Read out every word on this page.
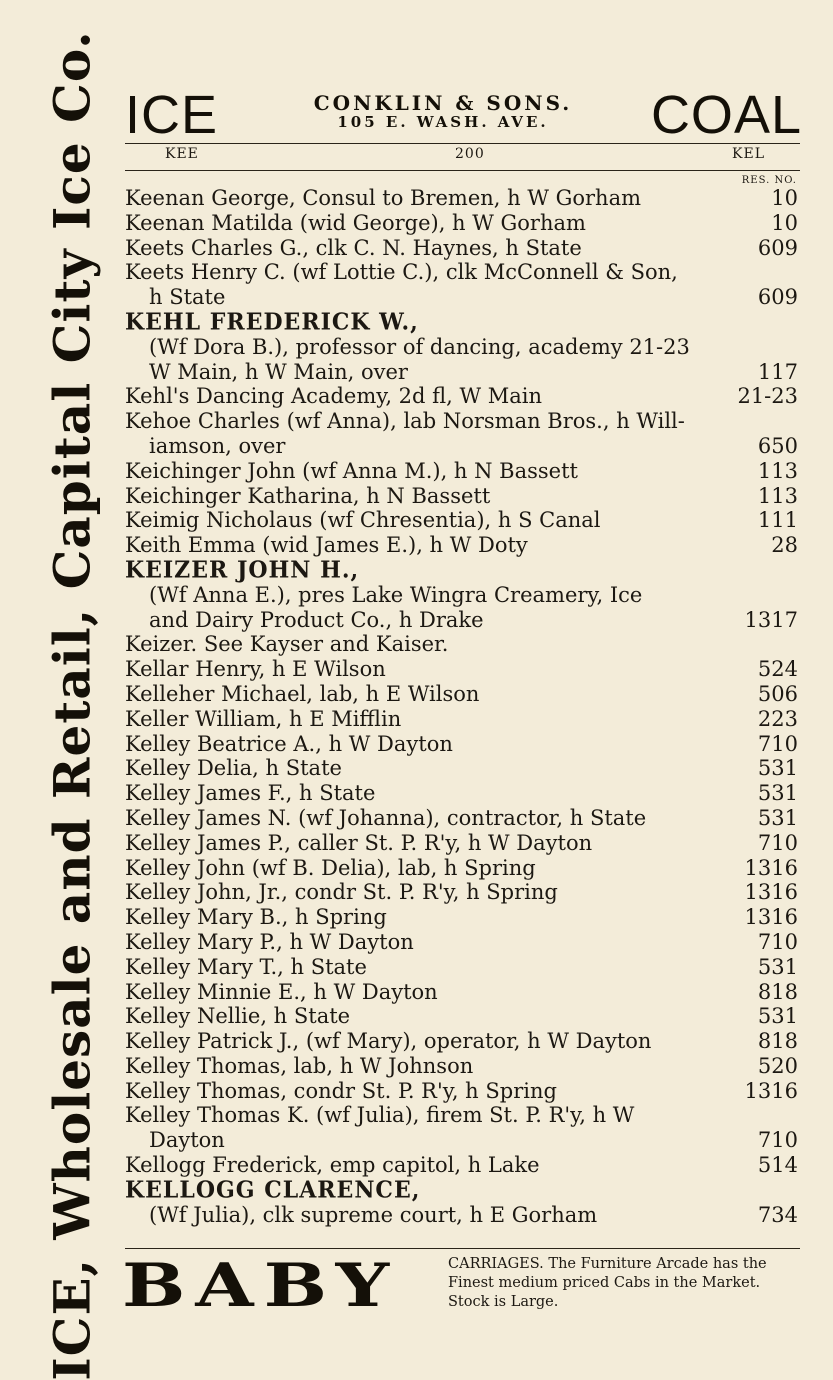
ICE, Wholesale and Retail, Capital City Ice Co. ICE	CONKLIN & SONS.
105 E. WASH. AVE.	COAL
KEE	200	KEL
RES. NO.
Keenan George, Consul to Bremen, h W Gorham	10
Keenan Matilda (wid George), h W Gorham	10
Keets Charles G., clk C. N. Haynes, h State	609
Keets Henry C. (wf Lottie C.), clk McConnell & Son,
h State	609
KEHL FREDERICK W.,
(Wf Dora B.), professor of dancing, academy 21-23
W Main, h W Main, over	117
Kehl's Dancing Academy, 2d fl, W Main	21-23
Kehoe Charles (wf Anna), lab Norsman Bros., h Will-
iamson, over	650
Keichinger John (wf Anna M.), h N Bassett	113
Keichinger Katharina, h N Bassett	113
Keimig Nicholaus (wf Chresentia), h S Canal	111
Keith Emma (wid James E.), h W Doty	28
KEIZER JOHN H.,
(Wf Anna E.), pres Lake Wingra Creamery, Ice
and Dairy Product Co., h Drake	1317
Keizer. See Kayser and Kaiser.
Kellar Henry, h E Wilson	524
Kelleher Michael, lab, h E Wilson	506
Keller William, h E Mifflin	223
Kelley Beatrice A., h W Dayton	710
Kelley Delia, h State	531
Kelley James F., h State	531
Kelley James N. (wf Johanna), contractor, h State	531
Kelley James P., caller St. P. R'y, h W Dayton	710
Kelley John (wf B. Delia), lab, h Spring	1316
Kelley John, Jr., condr St. P. R'y, h Spring	1316
Kelley Mary B., h Spring	1316
Kelley Mary P., h W Dayton	710
Kelley Mary T., h State	531
Kelley Minnie E., h W Dayton	818
Kelley Nellie, h State	531
Kelley Patrick J., (wf Mary), operator, h W Dayton	818
Kelley Thomas, lab, h W Johnson	520
Kelley Thomas, condr St. P. R'y, h Spring	1316
Kelley Thomas K. (wf Julia), firem St. P. R'y, h W
Dayton	710
Kellogg Frederick, emp capitol, h Lake	514
KELLOGG CLARENCE,
(Wf Julia), clk supreme court, h E Gorham	734
BABY	CARRIAGES. The Furniture Arcade has the Finest medium priced Cabs in the Market. Stock is Large.
